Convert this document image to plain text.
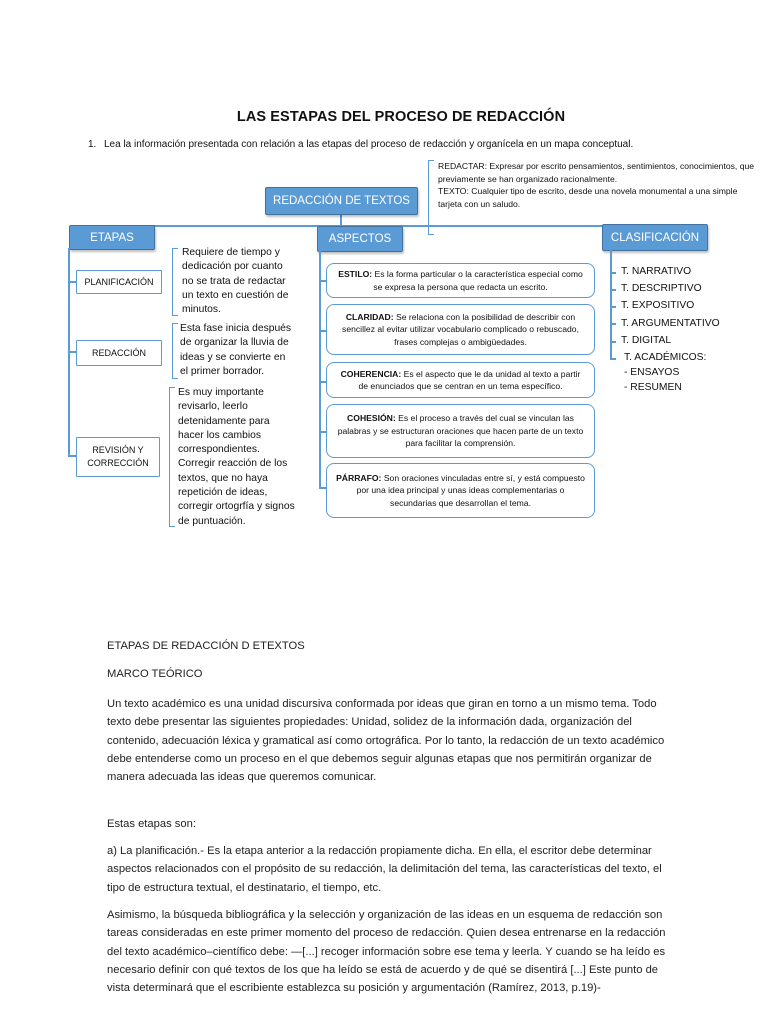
LAS ESTAPAS DEL PROCESO DE REDACCIÓN
1. Lea la información presentada con relación a las etapas del proceso de redacción y organícela en un mapa conceptual.
REDACTAR: Expresar por escrito pensamientos, sentimientos, conocimientos, que previamente se han organizado racionalmente.
TEXTO: Cualquier tipo de escrito, desde una novela monumental a una simple tarjeta con un saludo.
REDACCIÓN DE TEXTOS
ETAPAS
PLANIFICACIÓN
REDACCIÓN
REVISIÓN Y CORRECCIÓN
Requiere de tiempo y dedicación por cuanto no se trata de redactar un texto en cuestión de minutos.
Esta fase inicia después de organizar la lluvia de ideas y se convierte en el primer borrador.
Es muy importante revisarlo, leerlo detenidamente para hacer los cambios correspondientes. Corregir reacción de los textos, que no haya repetición de ideas, corregir ortogrfía y signos de puntuación.
ASPECTOS
ESTILO: Es la forma particular o la característica especial como se expresa la persona que redacta un escrito.
CLARIDAD: Se relaciona con la posibilidad de describir con sencillez al evitar utilizar vocabulario complicado o rebuscado, frases complejas o ambigüedades.
COHERENCIA: Es el aspecto que le da unidad al texto a partir de enunciados que se centran en un tema específico.
COHESIÓN: Es el proceso a través del cual se vinculan las palabras y se estructuran oraciones que hacen parte de un texto para facilitar la comprensión.
PÁRRAFO: Son oraciones vinculadas entre sí, y está compuesto por una idea principal y unas ideas complementarias o secundarias que desarrollan el tema.
CLASIFICACIÓN
T. NARRATIVO
T. DESCRIPTIVO
T. EXPOSITIVO
T. ARGUMENTATIVO
T. DIGITAL
T. ACADÉMICOS:
- ENSAYOS
- RESUMEN
ETAPAS DE REDACCIÓN D ETEXTOS
MARCO TEÓRICO
Un texto académico es una unidad discursiva conformada por ideas que giran en torno a un mismo tema. Todo texto debe presentar las siguientes propiedades: Unidad, solidez de la información dada, organización del contenido, adecuación léxica y gramatical así como ortográfica. Por lo tanto, la redacción de un texto académico debe entenderse como un proceso en el que debemos seguir algunas etapas que nos permitirán organizar de manera adecuada las ideas que queremos comunicar.
Estas etapas son:
a) La planificación.- Es la etapa anterior a la redacción propiamente dicha. En ella, el escritor debe determinar aspectos relacionados con el propósito de su redacción, la delimitación del tema, las características del texto, el tipo de estructura textual, el destinatario, el tiempo, etc.
Asimismo, la búsqueda bibliográfica y la selección y organización de las ideas en un esquema de redacción son tareas consideradas en este primer momento del proceso de redacción. Quien desea entrenarse en la redacción del texto académico–científico debe: —[...] recoger información sobre ese tema y leerla. Y cuando se ha leído es necesario definir con qué textos de los que ha leído se está de acuerdo y de qué se disentirá [...] Este punto de vista determinará que el escribiente establezca su posición y argumentación (Ramírez, 2013, p.19)-
